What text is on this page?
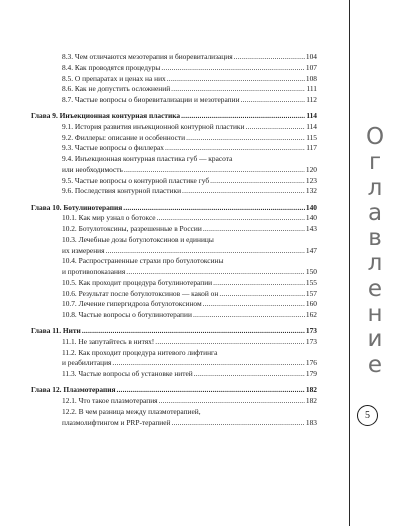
8.3. Чем отличаются мезотерапия и биоревитализация .....	104
8.4. Как проводятся процедуры .....	107
8.5. О препаратах и ценах на них .....	108
8.6. Как не допустить осложнений .....	111
8.7. Частые вопросы о биоревитализации и мезотерапии .....	112
Глава 9. Инъекционная контурная пластика .....	114
9.1. История развития инъекционной контурной пластики .....	114
9.2. Филлеры: описание и особенности .....	115
9.3. Частые вопросы о филлерах .....	117
9.4. Инъекционная контурная пластика губ — красота
или необходимость .....	120
9.5. Частые вопросы о контурной пластике губ .....	123
9.6. Последствия контурной пластики .....	132
Глава 10. Ботулинотерапия .....	140
10.1. Как мир узнал о ботоксе .....	140
10.2. Ботулотоксины, разрешенные в России .....	143
10.3. Лечебные дозы ботулотоксинов и единицы
их измерения .....	147
10.4. Распространенные страхи про ботулотоксины
и противопоказания .....	150
10.5. Как проходит процедура ботулинотерапии .....	155
10.6. Результат после ботулотоксинов — какой он .....	157
10.7. Лечение гипергидроза ботулотоксином .....	160
10.8. Частые вопросы о ботулинотерапии .....	162
Глава 11. Нити .....	173
11.1. Не запутайтесь в нитях! .....	173
11.2. Как проходит процедура нитевого лифтинга
и реабилитация .....	176
11.3. Частые вопросы об установке нитей .....	179
Глава 12. Плазмотерапия .....	182
12.1. Что такое плазмотерапия .....	182
12.2. В чем разница между плазмотерапией,
плазмолифтингом и PRP-терапией .....	183
О
г
л
а
в
л
е
н
и
е
5
